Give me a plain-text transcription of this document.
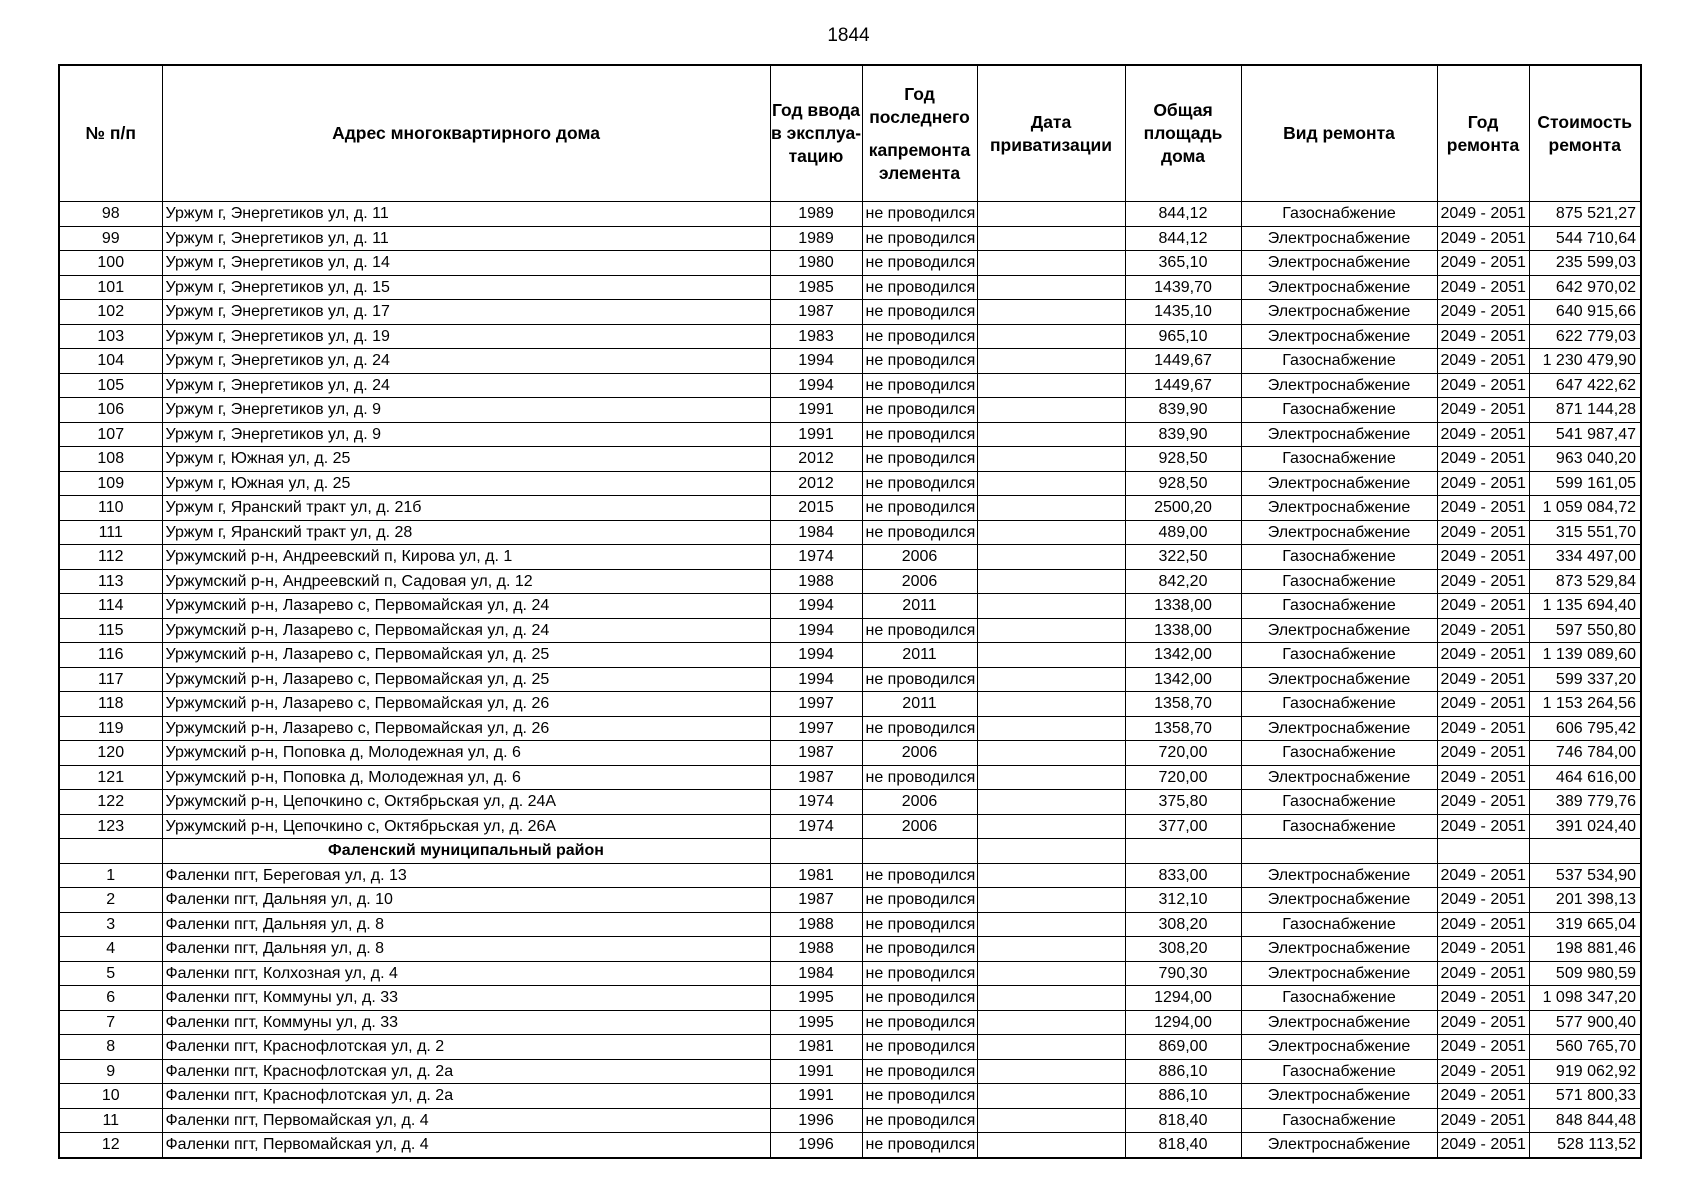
1844
№ п/п	Адрес многоквартирного дома	Год ввода в эксплуа-тацию	Год последнего
капремонта элемента	Дата приватизации	Общая площадь дома	Вид ремонта	Год ремонта	Стоимость ремонта
98	Уржум г, Энергетиков ул, д. 11	1989	не проводился		844,12	Газоснабжение	2049 - 2051	875 521,27
99	Уржум г, Энергетиков ул, д. 11	1989	не проводился		844,12	Электроснабжение	2049 - 2051	544 710,64
100	Уржум г, Энергетиков ул, д. 14	1980	не проводился		365,10	Электроснабжение	2049 - 2051	235 599,03
101	Уржум г, Энергетиков ул, д. 15	1985	не проводился		1439,70	Электроснабжение	2049 - 2051	642 970,02
102	Уржум г, Энергетиков ул, д. 17	1987	не проводился		1435,10	Электроснабжение	2049 - 2051	640 915,66
103	Уржум г, Энергетиков ул, д. 19	1983	не проводился		965,10	Электроснабжение	2049 - 2051	622 779,03
104	Уржум г, Энергетиков ул, д. 24	1994	не проводился		1449,67	Газоснабжение	2049 - 2051	1 230 479,90
105	Уржум г, Энергетиков ул, д. 24	1994	не проводился		1449,67	Электроснабжение	2049 - 2051	647 422,62
106	Уржум г, Энергетиков ул, д. 9	1991	не проводился		839,90	Газоснабжение	2049 - 2051	871 144,28
107	Уржум г, Энергетиков ул, д. 9	1991	не проводился		839,90	Электроснабжение	2049 - 2051	541 987,47
108	Уржум г, Южная ул, д. 25	2012	не проводился		928,50	Газоснабжение	2049 - 2051	963 040,20
109	Уржум г, Южная ул, д. 25	2012	не проводился		928,50	Электроснабжение	2049 - 2051	599 161,05
110	Уржум г, Яранский тракт ул, д. 21б	2015	не проводился		2500,20	Электроснабжение	2049 - 2051	1 059 084,72
111	Уржум г, Яранский тракт ул, д. 28	1984	не проводился		489,00	Электроснабжение	2049 - 2051	315 551,70
112	Уржумский р-н, Андреевский п, Кирова ул, д. 1	1974	2006		322,50	Газоснабжение	2049 - 2051	334 497,00
113	Уржумский р-н, Андреевский п, Садовая ул, д. 12	1988	2006		842,20	Газоснабжение	2049 - 2051	873 529,84
114	Уржумский р-н, Лазарево с, Первомайская ул, д. 24	1994	2011		1338,00	Газоснабжение	2049 - 2051	1 135 694,40
115	Уржумский р-н, Лазарево с, Первомайская ул, д. 24	1994	не проводился		1338,00	Электроснабжение	2049 - 2051	597 550,80
116	Уржумский р-н, Лазарево с, Первомайская ул, д. 25	1994	2011		1342,00	Газоснабжение	2049 - 2051	1 139 089,60
117	Уржумский р-н, Лазарево с, Первомайская ул, д. 25	1994	не проводился		1342,00	Электроснабжение	2049 - 2051	599 337,20
118	Уржумский р-н, Лазарево с, Первомайская ул, д. 26	1997	2011		1358,70	Газоснабжение	2049 - 2051	1 153 264,56
119	Уржумский р-н, Лазарево с, Первомайская ул, д. 26	1997	не проводился		1358,70	Электроснабжение	2049 - 2051	606 795,42
120	Уржумский р-н, Поповка д, Молодежная ул, д. 6	1987	2006		720,00	Газоснабжение	2049 - 2051	746 784,00
121	Уржумский р-н, Поповка д, Молодежная ул, д. 6	1987	не проводился		720,00	Электроснабжение	2049 - 2051	464 616,00
122	Уржумский р-н, Цепочкино с, Октябрьская ул, д. 24А	1974	2006		375,80	Газоснабжение	2049 - 2051	389 779,76
123	Уржумский р-н, Цепочкино с, Октябрьская ул, д. 26А	1974	2006		377,00	Газоснабжение	2049 - 2051	391 024,40
	Фаленский муниципальный район							
1	Фаленки пгт, Береговая ул, д. 13	1981	не проводился		833,00	Электроснабжение	2049 - 2051	537 534,90
2	Фаленки пгт, Дальняя ул, д. 10	1987	не проводился		312,10	Электроснабжение	2049 - 2051	201 398,13
3	Фаленки пгт, Дальняя ул, д. 8	1988	не проводился		308,20	Газоснабжение	2049 - 2051	319 665,04
4	Фаленки пгт, Дальняя ул, д. 8	1988	не проводился		308,20	Электроснабжение	2049 - 2051	198 881,46
5	Фаленки пгт, Колхозная ул, д. 4	1984	не проводился		790,30	Электроснабжение	2049 - 2051	509 980,59
6	Фаленки пгт, Коммуны ул, д. 33	1995	не проводился		1294,00	Газоснабжение	2049 - 2051	1 098 347,20
7	Фаленки пгт, Коммуны ул, д. 33	1995	не проводился		1294,00	Электроснабжение	2049 - 2051	577 900,40
8	Фаленки пгт, Краснофлотская ул, д. 2	1981	не проводился		869,00	Электроснабжение	2049 - 2051	560 765,70
9	Фаленки пгт, Краснофлотская ул, д. 2а	1991	не проводился		886,10	Газоснабжение	2049 - 2051	919 062,92
10	Фаленки пгт, Краснофлотская ул, д. 2а	1991	не проводился		886,10	Электроснабжение	2049 - 2051	571 800,33
11	Фаленки пгт, Первомайская ул, д. 4	1996	не проводился		818,40	Газоснабжение	2049 - 2051	848 844,48
12	Фаленки пгт, Первомайская ул, д. 4	1996	не проводился		818,40	Электроснабжение	2049 - 2051	528 113,52
